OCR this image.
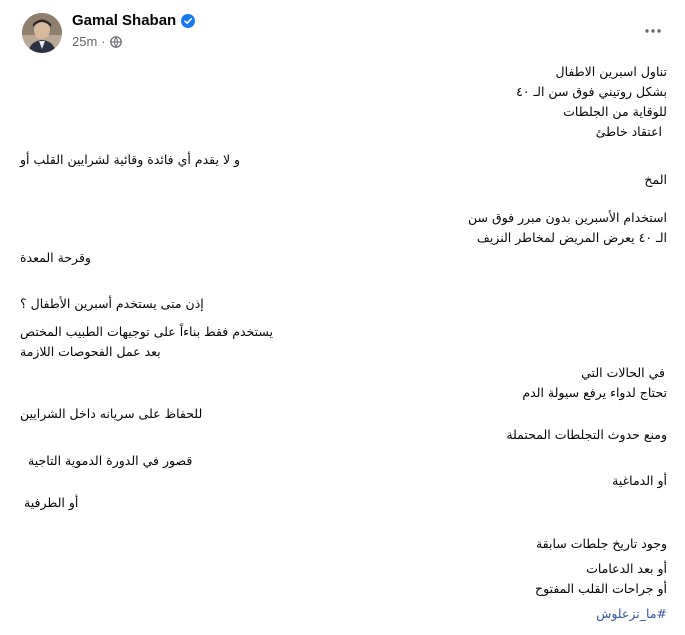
Gamal Shaban
25m ·
تناول اسبرين الاطفال
بشكل روتيني فوق سن الـ ٤٠
للوقاية من الجلطات
اعتقاد خاطئ
و لا يقدم أي فائدة وقائية لشرايين القلب أو
المخ
استخدام الأسبرين بدون مبرر فوق سن
الـ ٤٠ يعرض المريض لمخاطر النزيف
وقرحة المعدة
إذن متى يستخدم أسبرين الأطفال ؟
يستخدم فقط بناءاً على توجيهات الطبيب المختص
بعد عمل الفحوصات اللازمة
في الحالات التي
تحتاج لدواء يرفع سيولة الدم
للحفاظ على سريانه داخل الشرايين
ومنع حدوث التجلطات المحتملة
قصور في الدورة الدموية التاجية
أو الدماغية
أو الطرفية
وجود تاريخ جلطات سابقة
أو بعد الدعامات
أو جراحات القلب المفتوح
#ما_تزعلوش
